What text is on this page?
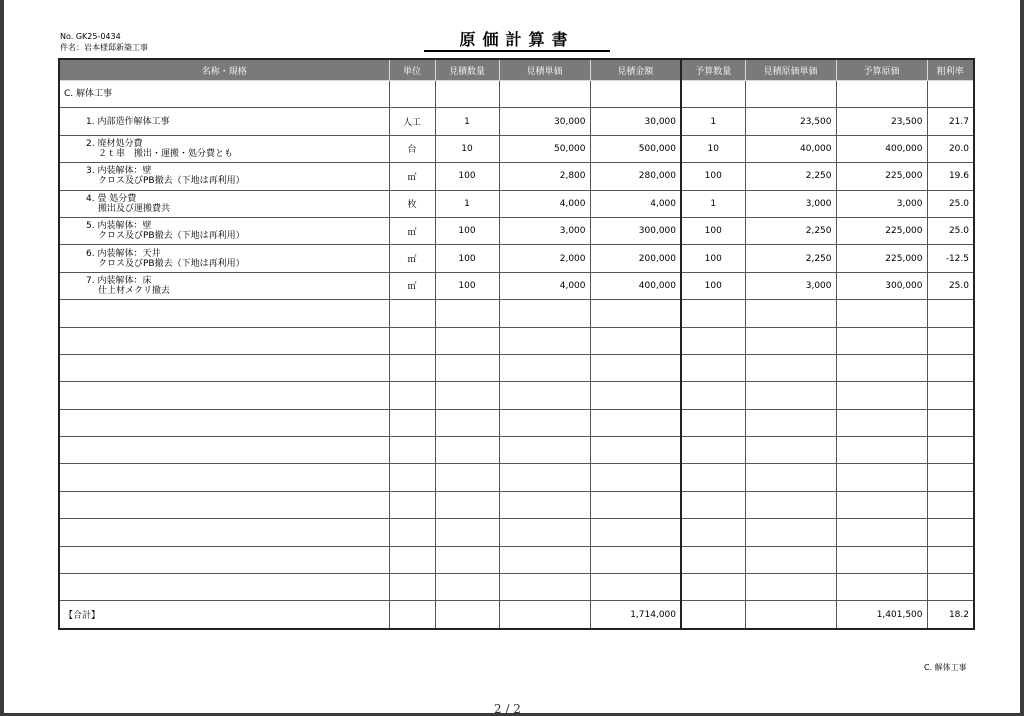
No. GK25-0434
件名：岩本様邸新築工事	原価計算書
名称・規格	単位	見積数量	見積単価	見積金額	予算数量	見積原価単価	予算原価	粗利率
C. 解体工事								

1. 内部造作解体工事	人工	1	30,000	30,000	1	23,500	23,500	21.7

2. 廃材処分費
２ｔ車　搬出・運搬・処分費とも	台	10	50,000	500,000	10	40,000	400,000	20.0

3. 内装解体：壁
クロス及びPB撤去（下地は再利用）	㎡	100	2,800	280,000	100	2,250	225,000	19.6

4. 畳 処分費
搬出及び運搬費共	枚	1	4,000	4,000	1	3,000	3,000	25.0

5. 内装解体：壁
クロス及びPB撤去（下地は再利用）	㎡	100	3,000	300,000	100	2,250	225,000	25.0

6. 内装解体：天井
クロス及びPB撤去（下地は再利用）	㎡	100	2,000	200,000	100	2,250	225,000	-12.5

7. 内装解体：床
仕上材メクリ撤去	㎡	100	4,000	400,000	100	3,000	300,000	25.0

【合計】				1,714,000			1,401,500	18.2
C. 解体工事
2 / 2
